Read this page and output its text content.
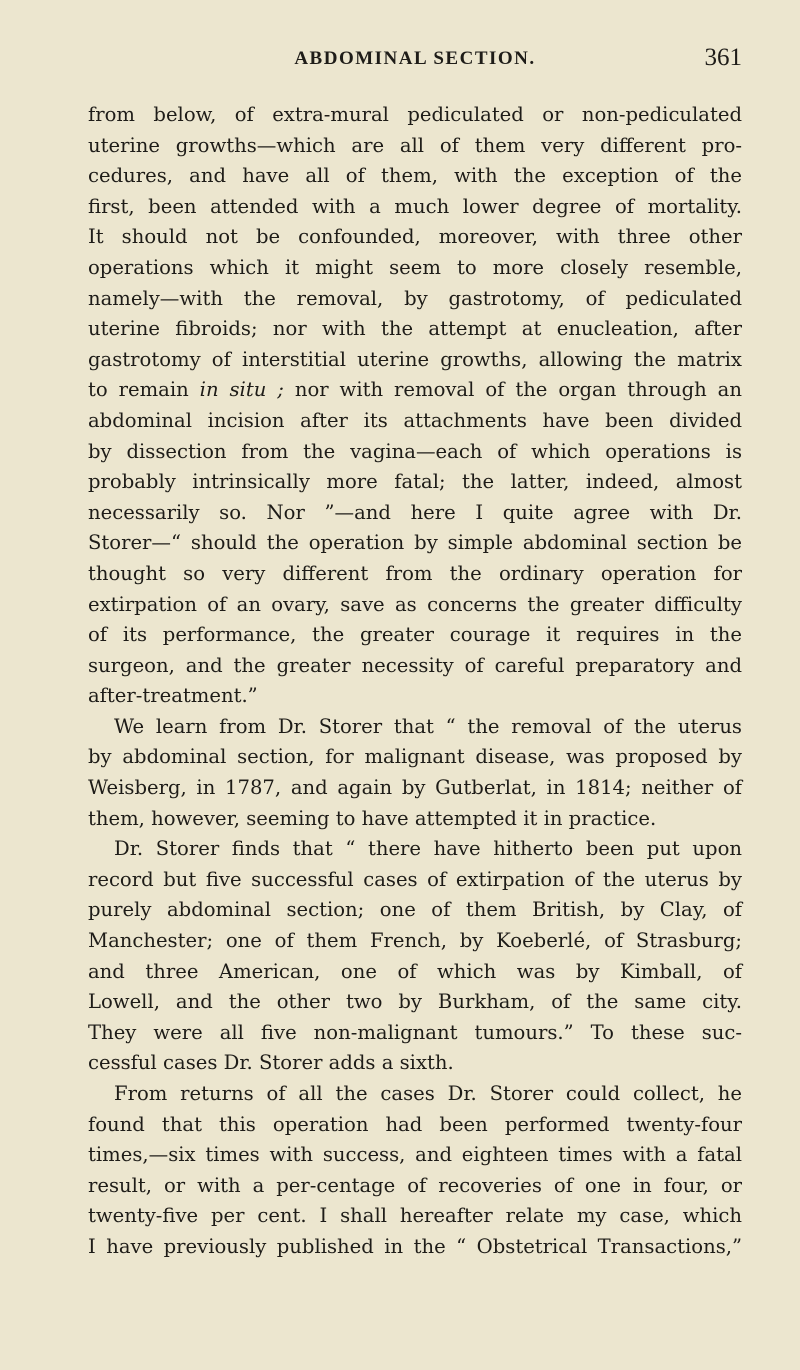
ABDOMINAL SECTION.	361

from below, of extra-mural pediculated or non-pediculated
uterine growths—which are all of them very different pro-
cedures, and have all of them, with the exception of the
first, been attended with a much lower degree of mortality.
It should not be confounded, moreover, with three other
operations which it might seem to more closely resemble,
namely—with the removal, by gastrotomy, of pediculated
uterine fibroids; nor with the attempt at enucleation, after
gastrotomy of interstitial uterine growths, allowing the matrix
to remain in situ ; nor with removal of the organ through an
abdominal incision after its attachments have been divided
by dissection from the vagina—each of which operations is
probably intrinsically more fatal; the latter, indeed, almost
necessarily so. Nor ”—and here I quite agree with Dr.
Storer—“ should the operation by simple abdominal section be
thought so very different from the ordinary operation for
extirpation of an ovary, save as concerns the greater difficulty
of its performance, the greater courage it requires in the
surgeon, and the greater necessity of careful preparatory and
after-treatment.”

We learn from Dr. Storer that “ the removal of the uterus
by abdominal section, for malignant disease, was proposed by
Weisberg, in 1787, and again by Gutberlat, in 1814; neither of
them, however, seeming to have attempted it in practice.

Dr. Storer finds that “ there have hitherto been put upon
record but five successful cases of extirpation of the uterus by
purely abdominal section; one of them British, by Clay, of
Manchester; one of them French, by Koeberlé, of Strasburg;
and three American, one of which was by Kimball, of
Lowell, and the other two by Burkham, of the same city.
They were all five non-malignant tumours.” To these suc-
cessful cases Dr. Storer adds a sixth.

From returns of all the cases Dr. Storer could collect, he
found that this operation had been performed twenty-four
times,—six times with success, and eighteen times with a fatal
result, or with a per-centage of recoveries of one in four, or
twenty-five per cent. I shall hereafter relate my case, which
I have previously published in the “ Obstetrical Transactions,”
